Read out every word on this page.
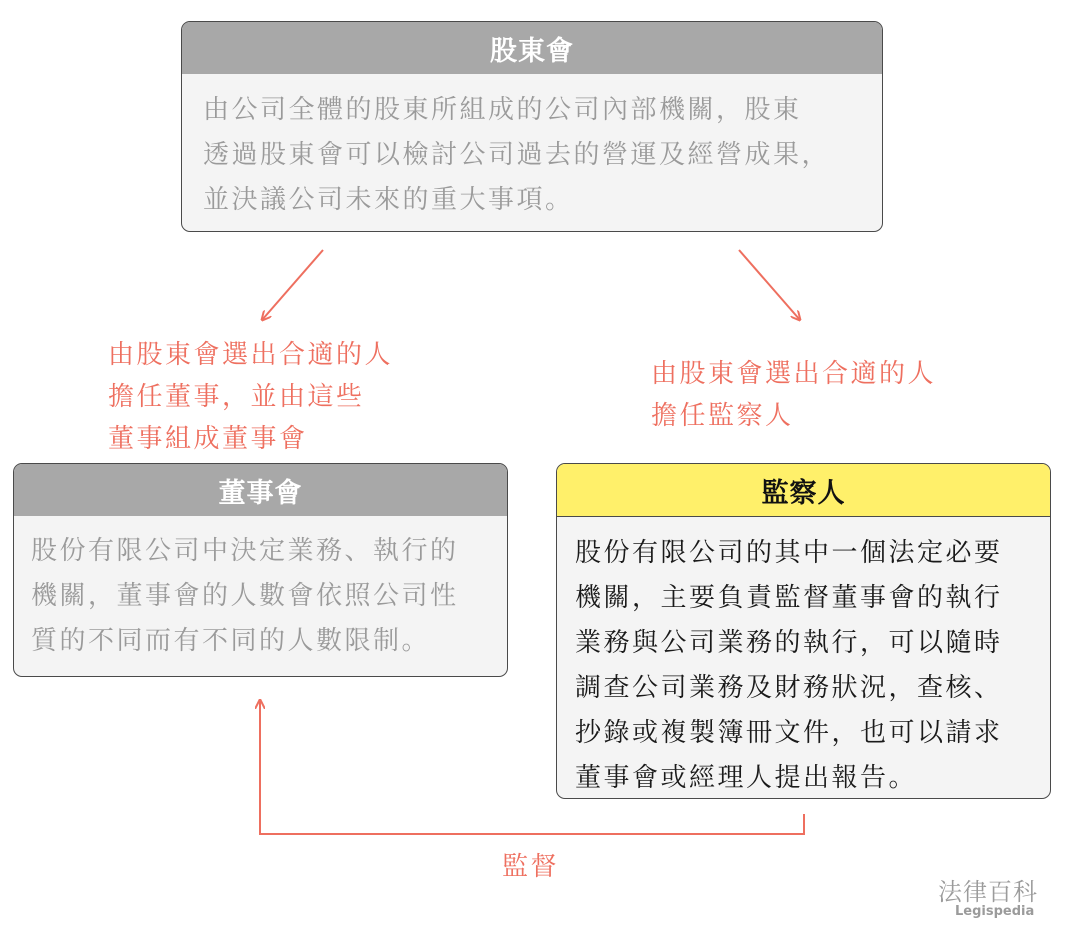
股東會
由公司全體的股東所組成的公司內部機關，股東
透過股東會可以檢討公司過去的營運及經營成果，
並決議公司未來的重大事項。
由股東會選出合適的人
擔任董事，並由這些
董事組成董事會
由股東會選出合適的人
擔任監察人
董事會
股份有限公司中決定業務、執行的
機關，董事會的人數會依照公司性
質的不同而有不同的人數限制。
監察人
股份有限公司的其中一個法定必要
機關，主要負責監督董事會的執行
業務與公司業務的執行，可以隨時
調查公司業務及財務狀況，查核、
抄錄或複製簿冊文件，也可以請求
董事會或經理人提出報告。
監督
法律百科
Legispedia
